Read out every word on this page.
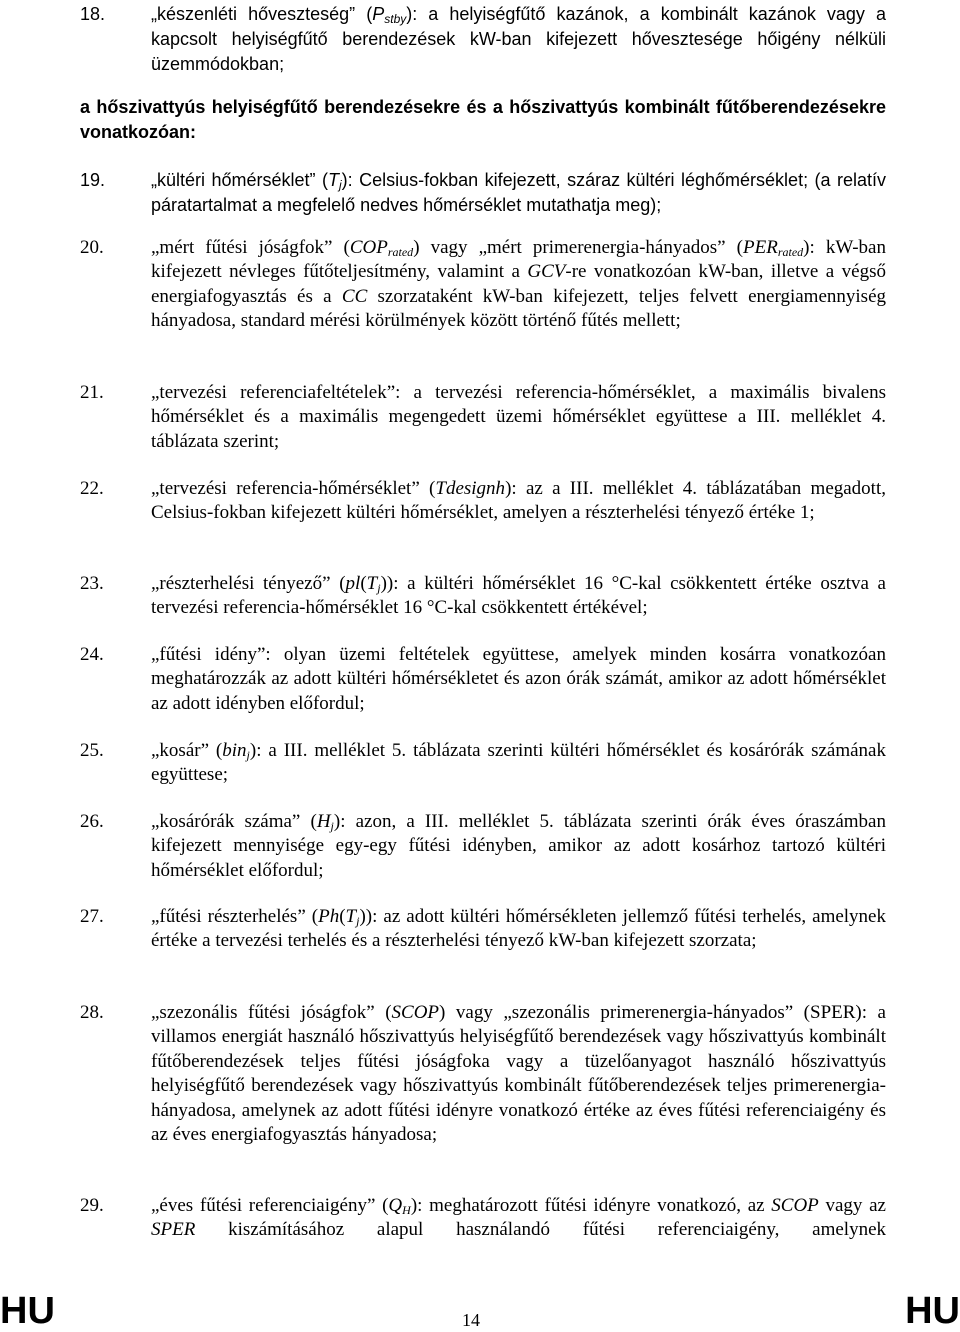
18.	„készenléti hőveszteség” $(P_{stby})$: a helyiségfűtő kazánok, a kombinált kazánok vagy a kapcsolt helyiségfűtő berendezések kW-ban kifejezett hővesztesége hőigény nélküli üzemmódokban;
a hőszivattyús helyiségfűtő berendezésekre és a hőszivattyús kombinált fűtőberendezésekre vonatkozóan:
19.	„kültéri hőmérséklet” $(T_j)$: Celsius-fokban kifejezett, száraz kültéri léghőmérséklet; (a relatív páratartalmat a megfelelő nedves hőmérséklet mutathatja meg);
20.	„mért fűtési jóságfok” $(COP_{rated})$ vagy „mért primerenergia-hányados” $(PER_{rated})$: kW-ban kifejezett névleges fűtőteljesítmény, valamint a GCV-re vonatkozóan kW-ban, illetve a végső energiafogyasztás és a CC szorzataként kW-ban kifejezett, teljes felvett energiamennyiség hányadosa, standard mérési körülmények között történő fűtés mellett;
21.	„tervezési referenciafeltételek”: a tervezési referencia-hőmérséklet, a maximális bivalens hőmérséklet és a maximális megengedett üzemi hőmérséklet együttese a III. melléklet 4. táblázata szerint;
22.	„tervezési referencia-hőmérséklet” (Tdesignh): az a III. melléklet 4. táblázatában megadott, Celsius-fokban kifejezett kültéri hőmérséklet, amelyen a részterhelési tényező értéke 1;
23.	„részterhelési tényező” $(pl(T_j))$: a kültéri hőmérséklet 16 °C-kal csökkentett értéke osztva a tervezési referencia-hőmérséklet 16 °C-kal csökkentett értékével;
24.	„fűtési idény”: olyan üzemi feltételek együttese, amelyek minden kosárra vonatkozóan meghatározzák az adott kültéri hőmérsékletet és azon órák számát, amikor az adott hőmérséklet az adott idényben előfordul;
25.	„kosár” (bin$_j$): a III. melléklet 5. táblázata szerinti kültéri hőmérséklet és kosárórák számának együttese;
26.	„kosárórák száma” $(H_j)$: azon, a III. melléklet 5. táblázata szerinti órák éves óraszámban kifejezett mennyisége egy-egy fűtési idényben, amikor az adott kosárhoz tartozó kültéri hőmérséklet előfordul;
27.	„fűtési részterhelés” $(Ph(T_j))$: az adott kültéri hőmérsékleten jellemző fűtési terhelés, amelynek értéke a tervezési terhelés és a részterhelési tényező kW-ban kifejezett szorzata;
28.	„szezonális fűtési jóságfok” (SCOP) vagy „szezonális primerenergia-hányados” (SPER): a villamos energiát használó hőszivattyús helyiségfűtő berendezések vagy hőszivattyús kombinált fűtőberendezések teljes fűtési jóságfoka vagy a tüzelőanyagot használó hőszivattyús helyiségfűtő berendezések vagy hőszivattyús kombinált fűtőberendezések teljes primerenergia-hányadosa, amelynek az adott fűtési idényre vonatkozó értéke az éves fűtési referenciaigény és az éves energiafogyasztás hányadosa;
29.	„éves fűtési referenciaigény” $(Q_H)$: meghatározott fűtési idényre vonatkozó, az SCOP vagy az SPER kiszámításához alapul használandó fűtési referenciaigény, amelynek
HU	14	HU
